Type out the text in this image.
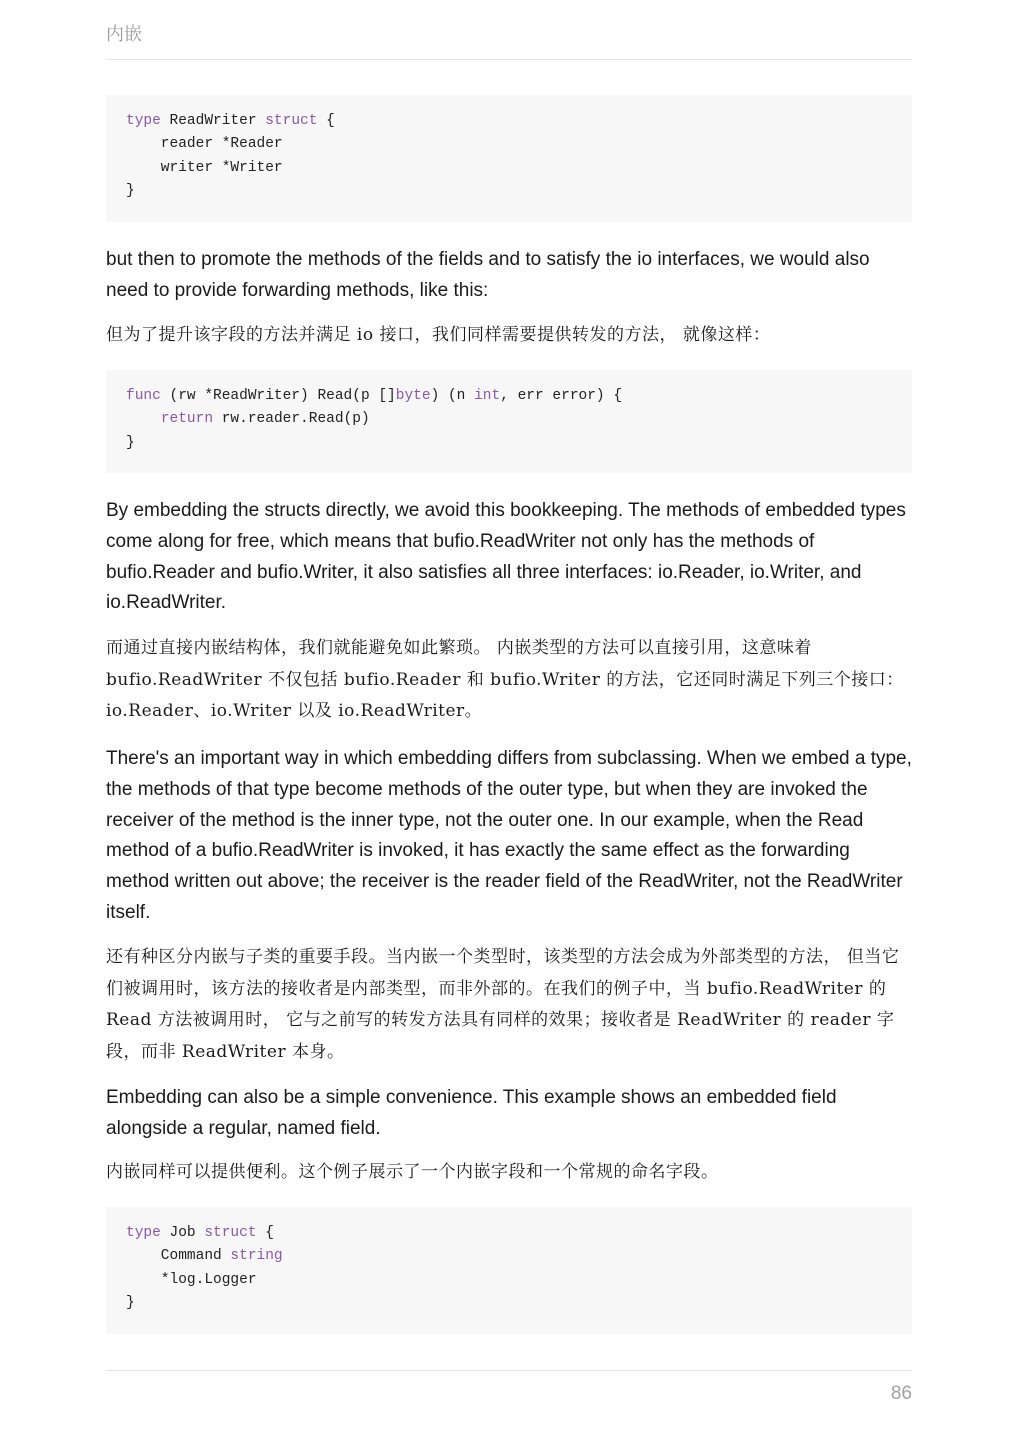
内嵌
type ReadWriter struct {
reader *Reader
writer *Writer
}

but then to promote the methods of the fields and to satisfy the io interfaces, we would also need to provide forwarding methods, like this:

但为了提升该字段的方法并满足 io 接口，我们同样需要提供转发的方法， 就像这样：

func (rw *ReadWriter) Read(p []byte) (n int, err error) {
return rw.reader.Read(p)
}

By embedding the structs directly, we avoid this bookkeeping. The methods of embedded types come along for free, which means that bufio.ReadWriter not only has the methods of bufio.Reader and bufio.Writer, it also satisfies all three interfaces: io.Reader, io.Writer, and io.ReadWriter.

而通过直接内嵌结构体，我们就能避免如此繁琐。 内嵌类型的方法可以直接引用，这意味着 bufio.ReadWriter 不仅包括 bufio.Reader 和 bufio.Writer 的方法，它还同时满足下列三个接口： io.Reader、io.Writer 以及 io.ReadWriter。

There's an important way in which embedding differs from subclassing. When we embed a type, the methods of that type become methods of the outer type, but when they are invoked the receiver of the method is the inner type, not the outer one. In our example, when the Read method of a bufio.ReadWriter is invoked, it has exactly the same effect as the forwarding method written out above; the receiver is the reader field of the ReadWriter, not the ReadWriter itself.

还有种区分内嵌与子类的重要手段。当内嵌一个类型时，该类型的方法会成为外部类型的方法， 但当它们被调用时，该方法的接收者是内部类型，而非外部的。在我们的例子中，当 bufio.ReadWriter 的 Read 方法被调用时， 它与之前写的转发方法具有同样的效果；接收者是 ReadWriter 的 reader 字段，而非 ReadWriter 本身。

Embedding can also be a simple convenience. This example shows an embedded field alongside a regular, named field.

内嵌同样可以提供便利。这个例子展示了一个内嵌字段和一个常规的命名字段。

type Job struct {
Command string
*log.Logger
}
86
